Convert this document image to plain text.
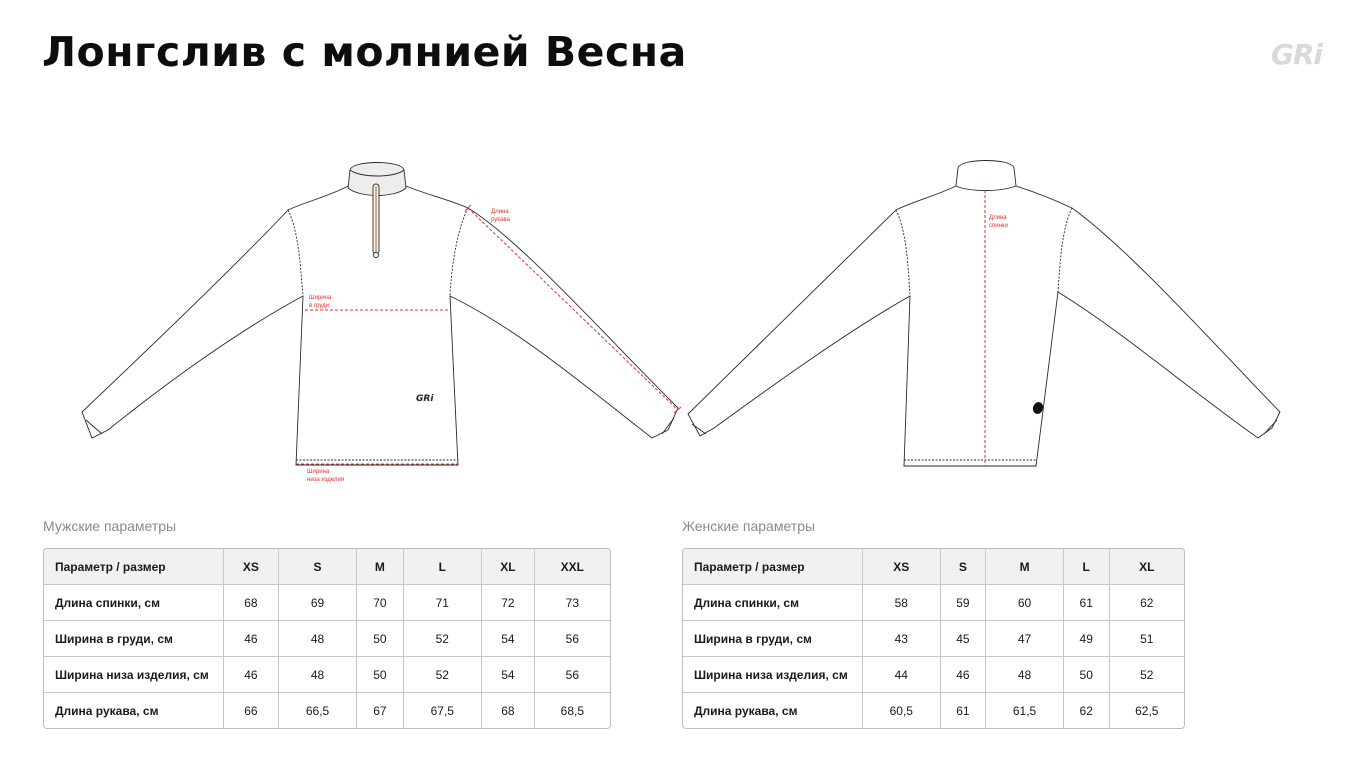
Лонгслив с молнией Весна	GRi
GRi
Длина
рукава
Ширина
в груди
Ширина
низа изделия
Длина
спинки

Мужские параметры

Параметр / размер	XS	S	M	L	XL	XXL
Длина спинки, см	68	69	70	71	72	73
Ширина в груди, см	46	48	50	52	54	56
Ширина низа изделия, см	46	48	50	52	54	56
Длина рукава, см	66	66,5	67	67,5	68	68,5

Женские параметры

Параметр / размер	XS	S	M	L	XL
Длина спинки, см	58	59	60	61	62
Ширина в груди, см	43	45	47	49	51
Ширина низа изделия, см	44	46	48	50	52
Длина рукава, см	60,5	61	61,5	62	62,5
